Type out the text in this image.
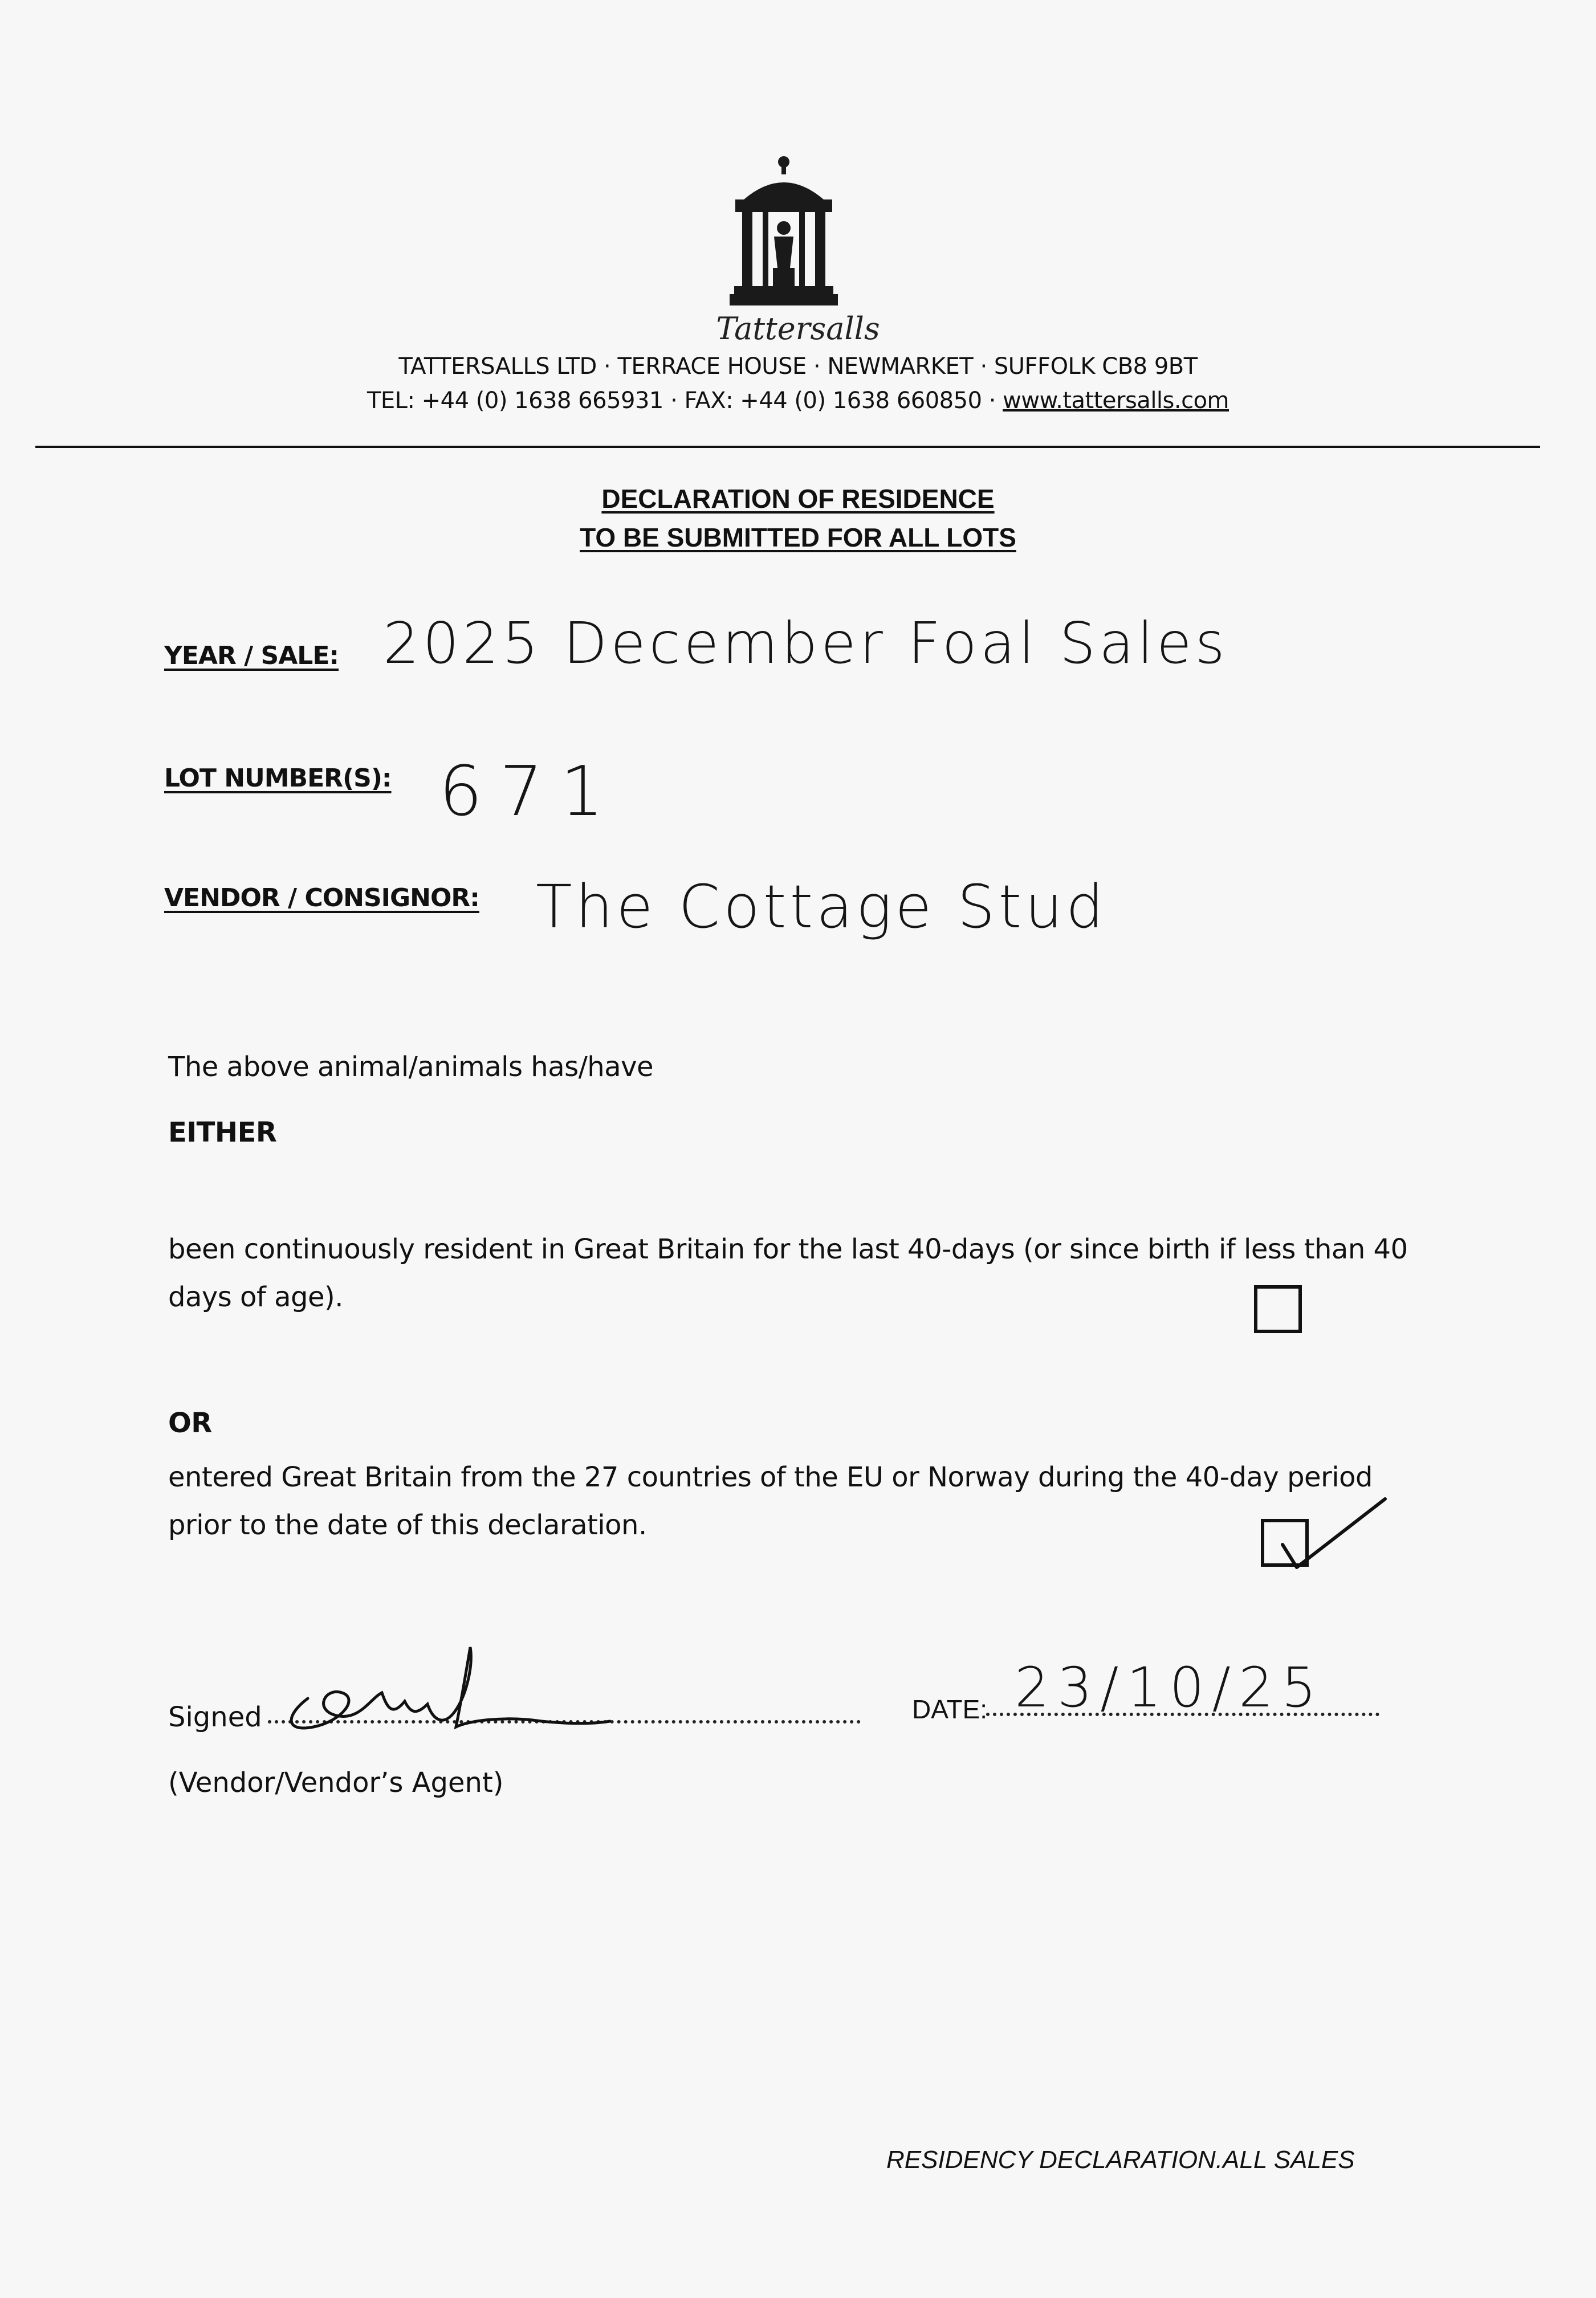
Tattersalls
TATTERSALLS LTD · TERRACE HOUSE · NEWMARKET · SUFFOLK CB8 9BT
TEL: +44 (0) 1638 665931 · FAX: +44 (0) 1638 660850 · www.tattersalls.com
DECLARATION OF RESIDENCE
TO BE SUBMITTED FOR ALL LOTS
YEAR / SALE: 2025 December Foal Sales
LOT NUMBER(S): 671
VENDOR / CONSIGNOR: The Cottage Stud
The above animal/animals has/have
EITHER
been continuously resident in Great Britain for the last 40-days (or since birth if less than 40 days of age).
OR
entered Great Britain from the 27 countries of the EU or Norway during the 40-day period prior to the date of this declaration.
Signed	DATE: 23/10/25
(Vendor/Vendor’s Agent)
RESIDENCY DECLARATION.ALL SALES
